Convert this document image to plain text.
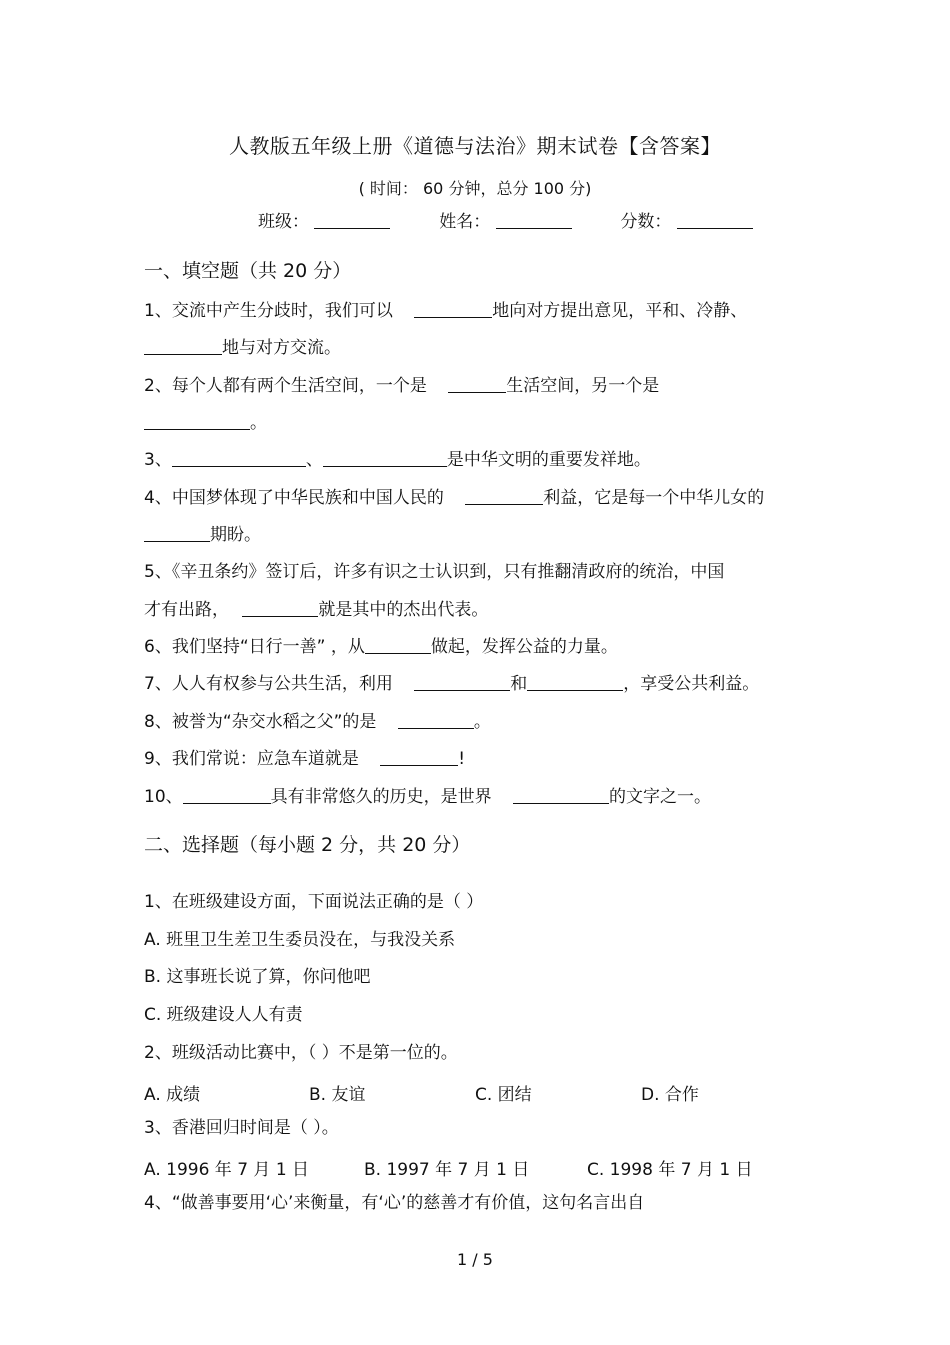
人教版五年级上册《道德与法治》期末试卷【含答案】
( 时间： 60 分钟，总分 100 分)
班级：	姓名：	分数：
一、填空题（共 20 分）
1、交流中产生分歧时，我们可以	地向对方提出意见，平和、冷静、
地与对方交流。
2、每个人都有两个生活空间，一个是	生活空间，另一个是
。
3、	、	是中华文明的重要发祥地。
4、中国梦体现了中华民族和中国人民的	利益，它是每一个中华儿女的
期盼。
5、《辛丑条约》签订后，许多有识之士认识到，只有推翻清政府的统治，中国
才有出路，	就是其中的杰出代表。
6、我们坚持“日行一善” ，从	做起，发挥公益的力量。
7、人人有权参与公共生活，利用	和	，享受公共利益。
8、被誉为“杂交水稻之父”的是	。
9、我们常说：应急车道就是	!
10、	具有非常悠久的历史，是世界	的文字之一。
二、选择题（每小题 2 分，共 20 分）
1、在班级建设方面，下面说法正确的是（ ）
A. 班里卫生差卫生委员没在，与我没关系
B. 这事班长说了算，你问他吧
C. 班级建设人人有责
2、班级活动比赛中，（ ）不是第一位的。
A. 成绩	B. 友谊	C. 团结	D. 合作
3、香港回归时间是（ ）。
A. 1996 年 7 月 1 日	B. 1997 年 7 月 1 日	C. 1998 年 7 月 1 日
4、“做善事要用‘心’来衡量，有‘心’的慈善才有价值，这句名言出自
1 / 5
